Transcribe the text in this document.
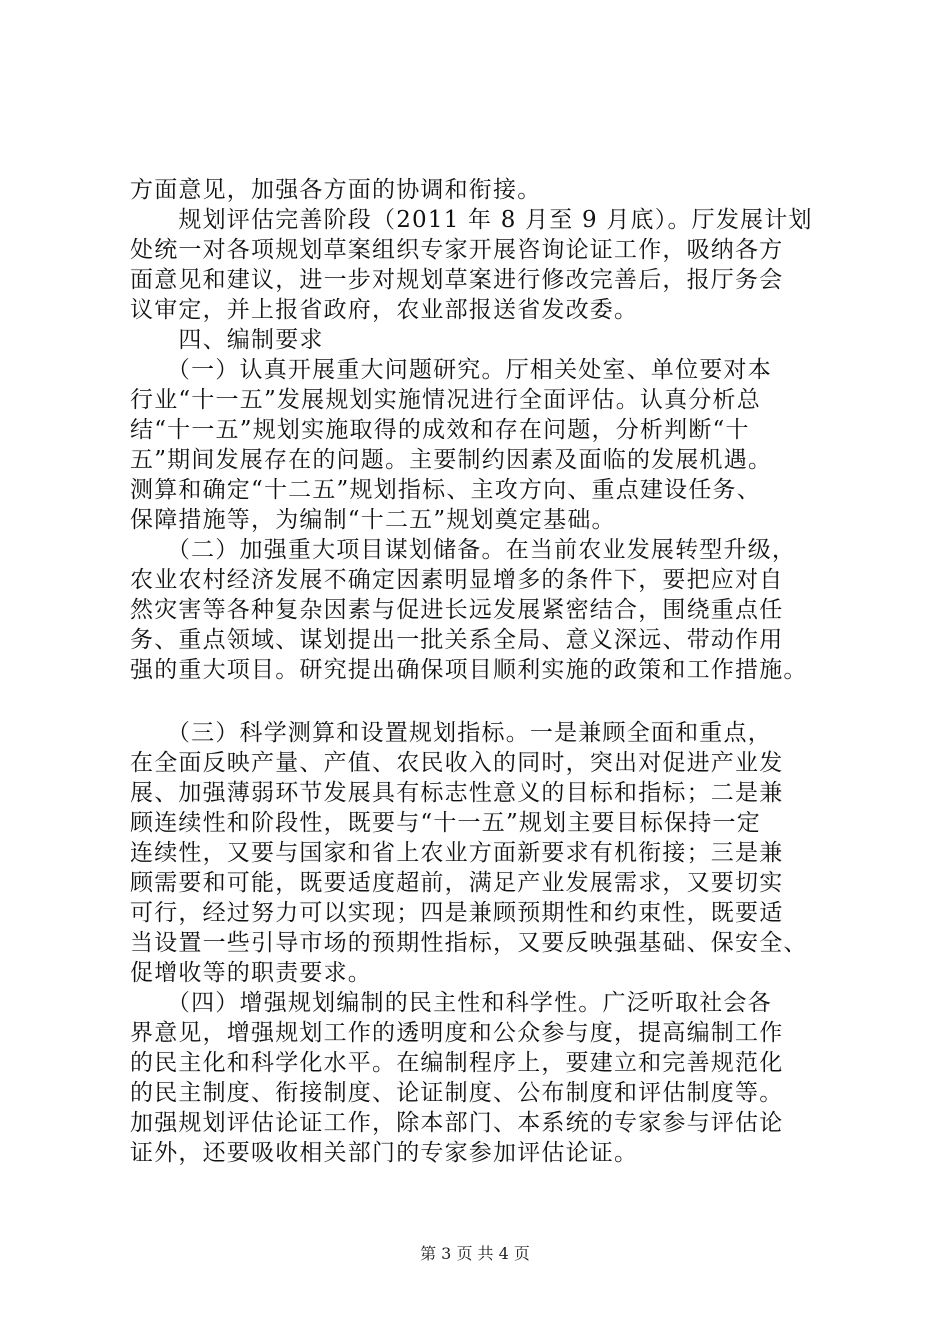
方面意见，加强各方面的协调和衔接。
　　规划评估完善阶段（2011 年 8 月至 9 月底）。厅发展计划
处统一对各项规划草案组织专家开展咨询论证工作，吸纳各方
面意见和建议，进一步对规划草案进行修改完善后，报厅务会
议审定，并上报省政府，农业部报送省发改委。
　　四、编制要求
　　（一）认真开展重大问题研究。厅相关处室、单位要对本
行业“十一五”发展规划实施情况进行全面评估。认真分析总
结“十一五”规划实施取得的成效和存在问题，分析判断“十
五”期间发展存在的问题。主要制约因素及面临的发展机遇。
测算和确定“十二五”规划指标、主攻方向、重点建设任务、
保障措施等，为编制“十二五”规划奠定基础。
　　（二）加强重大项目谋划储备。在当前农业发展转型升级，
农业农村经济发展不确定因素明显增多的条件下，要把应对自
然灾害等各种复杂因素与促进长远发展紧密结合，围绕重点任
务、重点领域、谋划提出一批关系全局、意义深远、带动作用
强的重大项目。研究提出确保项目顺利实施的政策和工作措施。
　　（三）科学测算和设置规划指标。一是兼顾全面和重点，
在全面反映产量、产值、农民收入的同时，突出对促进产业发
展、加强薄弱环节发展具有标志性意义的目标和指标；二是兼
顾连续性和阶段性，既要与“十一五”规划主要目标保持一定
连续性，又要与国家和省上农业方面新要求有机衔接；三是兼
顾需要和可能，既要适度超前，满足产业发展需求，又要切实
可行，经过努力可以实现；四是兼顾预期性和约束性，既要适
当设置一些引导市场的预期性指标，又要反映强基础、保安全、
促增收等的职责要求。
　　（四）增强规划编制的民主性和科学性。广泛听取社会各
界意见，增强规划工作的透明度和公众参与度，提高编制工作
的民主化和科学化水平。在编制程序上，要建立和完善规范化
的民主制度、衔接制度、论证制度、公布制度和评估制度等。
加强规划评估论证工作，除本部门、本系统的专家参与评估论
证外，还要吸收相关部门的专家参加评估论证。
第 3 页 共 4 页
